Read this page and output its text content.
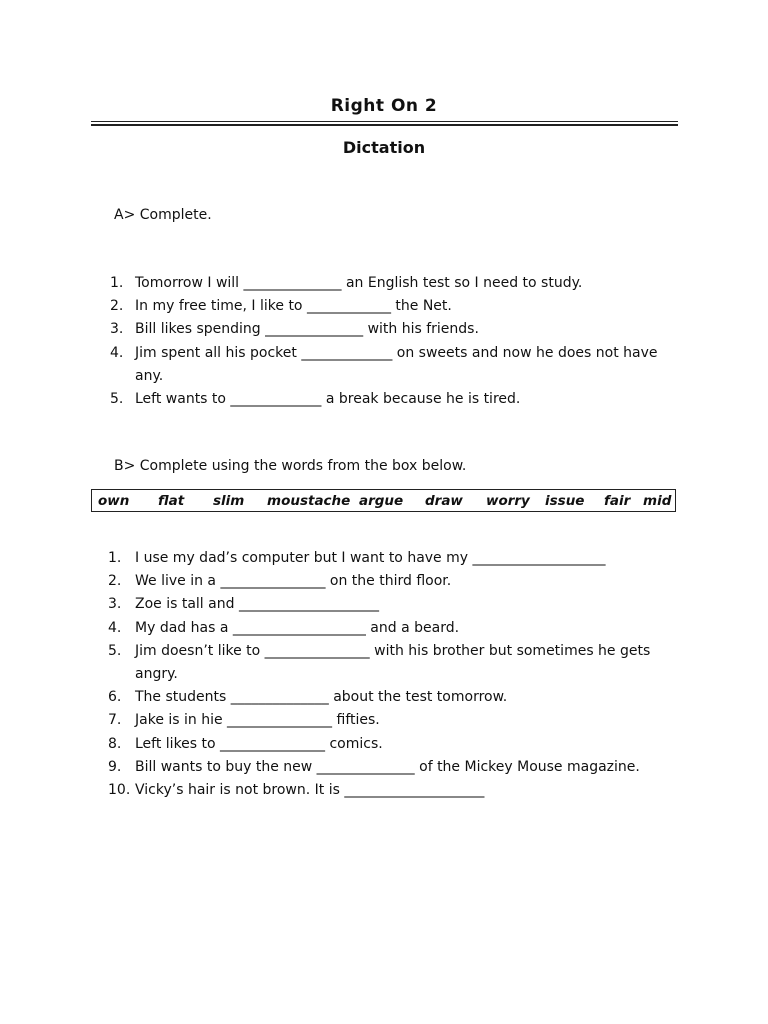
Right On 2
Dictation
A> Complete.
1. Tomorrow I will ______________ an English test so I need to study.
2. In my free time, I like to ____________ the Net.
3. Bill likes spending ______________ with his friends.
4. Jim spent all his pocket _____________ on sweets and now he does not have any.
5. Left wants to _____________ a break because he is tired.
B> Complete using the words from the box below.
own flat slim moustache argue draw worry issue fair mid
1. I use my dad’s computer but I want to have my ___________________
2. We live in a _______________ on the third floor.
3. Zoe is tall and ____________________
4. My dad has a ___________________ and a beard.
5. Jim doesn’t like to _______________ with his brother but sometimes he gets angry.
6. The students ______________ about the test tomorrow.
7. Jake is in hie _______________ fifties.
8. Left likes to _______________ comics.
9. Bill wants to buy the new ______________ of the Mickey Mouse magazine.
10. Vicky’s hair is not brown. It is ____________________
